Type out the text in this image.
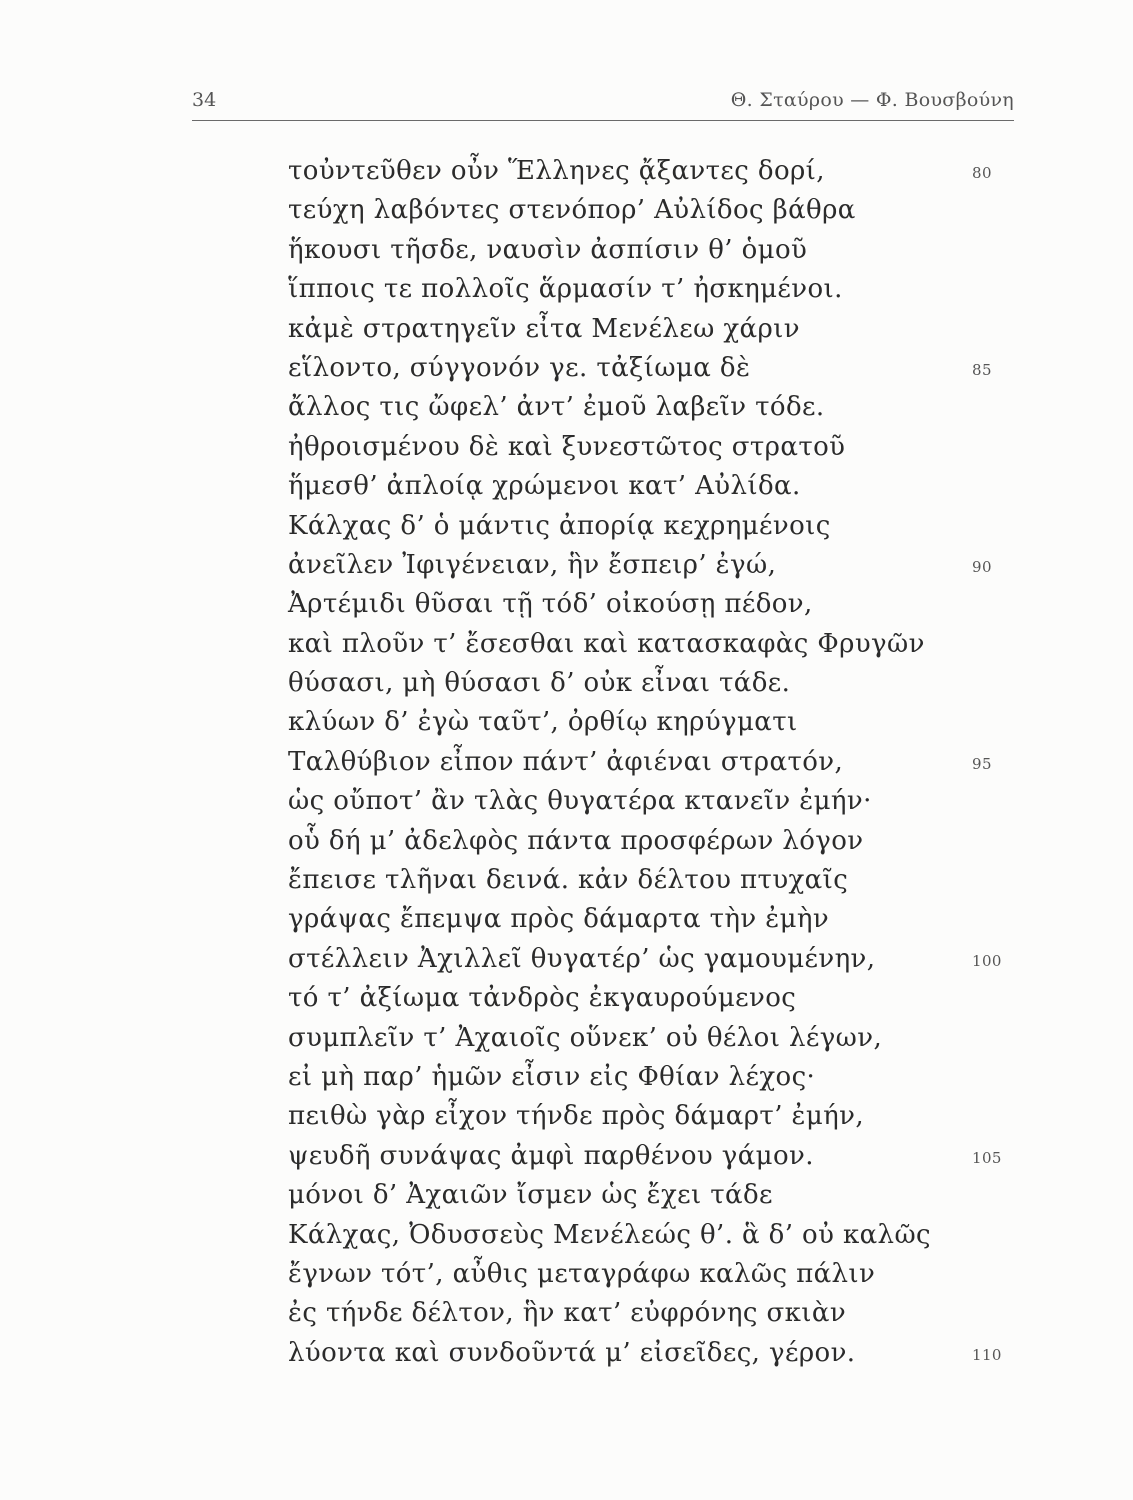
34	Θ. Σταύρου — Φ. Βουσβούνη
τοὐντεῦθεν οὖν Ἕλληνες ᾄξαντες δορί,	80
τεύχη λαβόντες στενόπορ’ Αὐλίδος βάθρα
ἥκουσι τῆσδε, ναυσὶν ἀσπίσιν θ’ ὁμοῦ
ἵπποις τε πολλοῖς ἅρμασίν τ’ ἠσκημένοι.
κἀμὲ στρατηγεῖν εἶτα Μενέλεω χάριν
εἵλοντο, σύγγονόν γε. τἀξίωμα δὲ	85
ἄλλος τις ὤφελ’ ἀντ’ ἐμοῦ λαβεῖν τόδε.
ἠθροισμένου δὲ καὶ ξυνεστῶτος στρατοῦ
ἥμεσθ’ ἀπλοίᾳ χρώμενοι κατ’ Αὐλίδα.
Κάλχας δ’ ὁ μάντις ἀπορίᾳ κεχρημένοις
ἀνεῖλεν Ἰφιγένειαν, ἣν ἔσπειρ’ ἐγώ,	90
Ἀρτέμιδι θῦσαι τῇ τόδ’ οἰκούσῃ πέδον,
καὶ πλοῦν τ’ ἔσεσθαι καὶ κατασκαφὰς Φρυγῶν
θύσασι, μὴ θύσασι δ’ οὐκ εἶναι τάδε.
κλύων δ’ ἐγὼ ταῦτ’, ὀρθίῳ κηρύγματι
Ταλθύβιον εἶπον πάντ’ ἀφιέναι στρατόν,	95
ὡς οὔποτ’ ἂν τλὰς θυγατέρα κτανεῖν ἐμήν·
οὗ δή μ’ ἀδελφὸς πάντα προσφέρων λόγον
ἔπεισε τλῆναι δεινά. κἀν δέλτου πτυχαῖς
γράψας ἔπεμψα πρὸς δάμαρτα τὴν ἐμὴν
στέλλειν Ἀχιλλεῖ θυγατέρ’ ὡς γαμουμένην,	100
τό τ’ ἀξίωμα τἀνδρὸς ἐκγαυρούμενος
συμπλεῖν τ’ Ἀχαιοῖς οὕνεκ’ οὐ θέλοι λέγων,
εἰ μὴ παρ’ ἡμῶν εἶσιν εἰς Φθίαν λέχος·
πειθὼ γὰρ εἶχον τήνδε πρὸς δάμαρτ’ ἐμήν,
ψευδῆ συνάψας ἀμφὶ παρθένου γάμον.	105
μόνοι δ’ Ἀχαιῶν ἴσμεν ὡς ἔχει τάδε
Κάλχας, Ὀδυσσεὺς Μενέλεώς θ’. ἃ δ’ οὐ καλῶς
ἔγνων τότ’, αὖθις μεταγράφω καλῶς πάλιν
ἐς τήνδε δέλτον, ἣν κατ’ εὐφρόνης σκιὰν
λύοντα καὶ συνδοῦντά μ’ εἰσεῖδες, γέρον.	110
